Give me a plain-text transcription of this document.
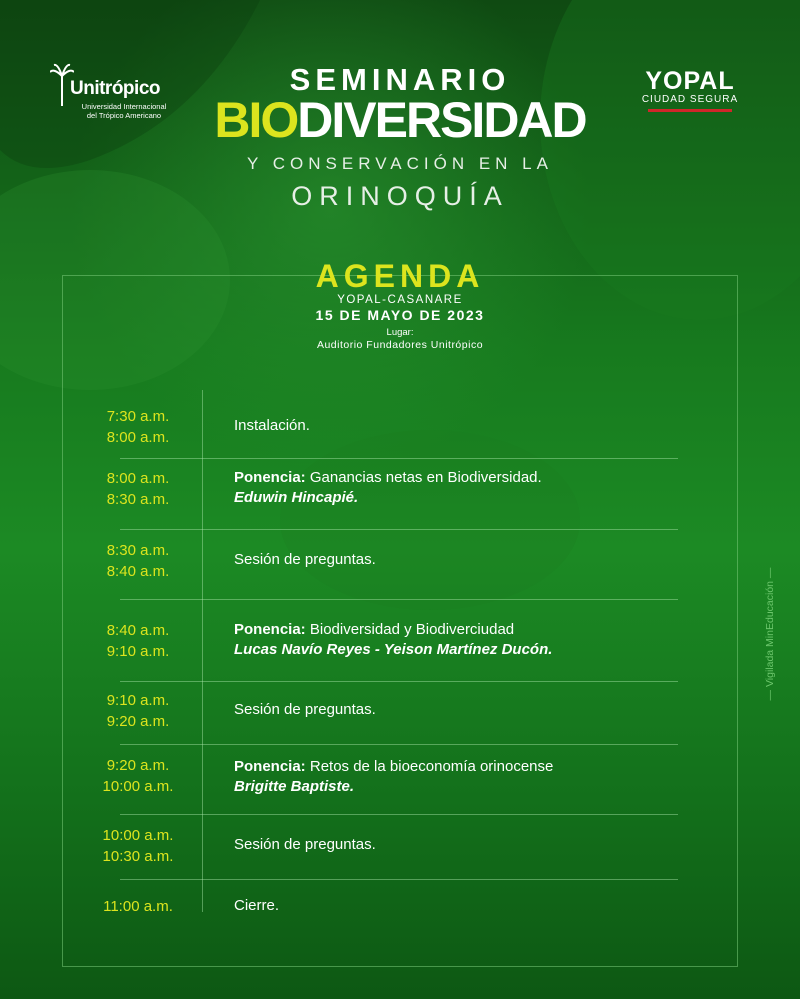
Unitrópico
Universidad Internacional
del Trópico Americano
YOPAL
CIUDAD SEGURA
SEMINARIO
BIODIVERSIDAD
Y CONSERVACIÓN EN LA
ORINOQUÍA
AGENDA
YOPAL-CASANARE
15 DE MAYO DE 2023
Lugar:
Auditorio Fundadores Unitrópico
7:30 a.m.
8:00 a.m.
Instalación.
8:00 a.m.
8:30 a.m.
Ponencia: Ganancias netas en Biodiversidad.
Eduwin Hincapié.
8:30 a.m.
8:40 a.m.
Sesión de preguntas.
8:40 a.m.
9:10 a.m.
Ponencia: Biodiversidad y Biodiverciudad
Lucas Navío Reyes - Yeison Martínez Ducón.
9:10 a.m.
9:20 a.m.
Sesión de preguntas.
9:20 a.m.
10:00 a.m.
Ponencia: Retos de la bioeconomía orinocense
Brigitte Baptiste.
10:00 a.m.
10:30 a.m.
Sesión de preguntas.
11:00 a.m.	Cierre.
— Vigilada MinEducación —
